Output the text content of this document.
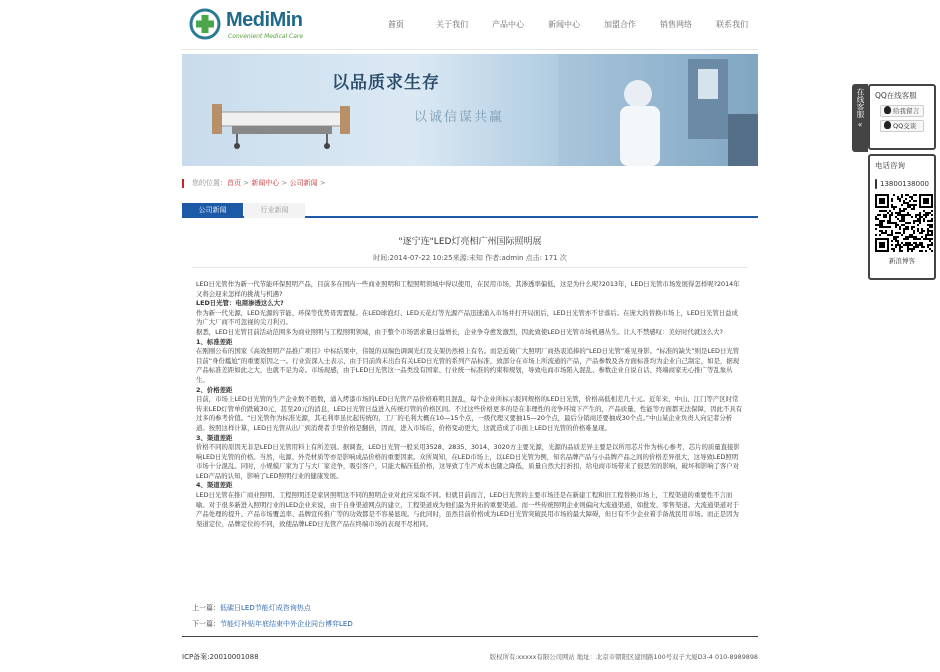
MediMin
Convenient Medical Care
首页	关于我们	产品中心	新闻中心	加盟合作	销售网络	联系我们
以品质求生存
以诚信谋共赢
您的位置： 首页 > 新闻中心 > 公司新闻 >
公司新闻	行业新闻
"逐宁连"LED灯亮相广州国际照明展
时间:2014-07-22 10:25来源:未知 作者:admin 点击: 171 次

LED日光管作为新一代节能环保照明产品，目前多在国内一些商业照明和工程照明领域中得以使用，在民用市场，其渗透率偏低，这是为什么呢?2013年，LED日光管市场发展得怎样呢?2014年又将会迎来怎样的挑战与机遇?

LED日光管：电商渗透这么大?

作为新一代光源，LED光源的节能、环保等优势毋需置疑。在LED球泡灯、LED天花灯等光源产品迅速涌入市场并打开局面后，LED日光管亦不甘落后。在庞大的替换市场上，LED日光管日益成为广大厂商不可忽视的尖刀利刃。

据悉，LED日光管目前活动范围多为商业照明与工程照明领域，由于整个市场需求量日益增长，企业争夺愈发激烈，因此致使LED日光管市场机遇丛生。让人不禁感叹：美好时代就这么大?

1、标准差距

在刚刚公布的国家《高效照明产品推广项目》中标结果中，伟锐的双端色调调光灯及支架仍然榜上有名。而是近破广大照明厂商热衷追捧的“LED日光管”难见身影。“标准的缺失”则是LED日光管目前“身份尴尬”的重要原因之一。行业资深人士表示，由于目前尚未出台有关LED日光管的系列产品标准，致部分在市场上所流通的产品，产品参数及各方面标准均为企业自己制定，如是，据现产品标准差距如此之大，也就不足为奇。市场现感，由于LED日光管这一品类没有国家、行业统一标准的约束和规划，导致电商市场陷入混乱、参数企业自说自话、终端商家无心推广等乱象丛生。

2、价格差距

目前，市场上LED日光管的生产企业数不胜数，涌入烤漆市场的LED日光管产品价格难明且混乱，每个企业所标示报同规格的LED日光管，价格高低相差几十元。近年来，中山、江门等产区时常传来LED灯管单价跌破30元，甚至20元的消息，LED日光管日益进入传统灯管的价格区间。不过这些价格更多的是在非理性的竞争环境下产生的，产品质量、性能等方面都无法保障，因此不具有过多的参考价值。“日光管作为标准光源，其毛利率虽比起传统的，工厂的毛利大概在10—15个点，一级代理又要抽15—20个点，最后分销商还要抽成30个点。”中山某企业负责人向记者分析道。按照这样计算，LED日光管从出厂到消费者手里价格是翻倍，因而，进入市场后，价格变动更大，这就造成了市面上LED日光管的价格难显现。

3、渠道差距

价格不同的原因无非是LED日光管用料上有所差别。据调查，LED日光管一般采用3528、2835、3014、3020方主要光源，光源的品质差异主要是以所用芯片作为核心参考，芯片的质量直接影响LED日光管的价格。当然，电源、外壳材质等亦是影响成品价格的重要因素。众所周知，在LED市场上，以LED日光管为例，知名品牌产品与小品牌产品之间的价格差异很大，这导致LED照明市场十分混乱。同时，小规模厂家为了与大厂家竞争，吸引客户，只能大幅压低价格，这导致了生产成本也随之降低，质量自然大打折扣，给电商市场带来了很恶劣的影响，破坏和影响了客户对LED产品的认知，影响了LED照明行业的健康发展。

4、渠道差距

LED日光管在推广商业照明、工程照明还是家居照明这不同的照明企业对此应采取不同。但就目前而言，LED日光管的主要市场还是在新建工程和旧工程替换市场上，工程渠道的重要性不言而喻。对于很多新进入照明行业的LED企业来说，由于自身渠道网点的建立，工程渠道成为他们最为开拓的重要渠道。而一些传统照明企业则偏向大流通渠道，如批发、零售渠道。大流通渠道对于产品处理的提升、产品市场覆盖率、品牌宣传推广等的功效都是不容易显现。与此同时，虽然目前价格成为LED日光管突破民用市场的最大障碍，但日有不少企业着手备战民用市场。而正是因为渠道定位、品牌定位的不同，致使品牌LED日光管产品在终端市场的表现不尽相同。

上一篇：低碳日LED节能灯成咨询热点
下一篇：节能灯补贴年底结束中外企业同台博弈LED
ICP备案:20010001088	版权所有:xxxxx有限公司网站 地址：北京市朝阳区建国路100号双子大厦D3-4 010-8989898
在线客服
«
QQ在线客服
给我留言
QQ交谈
电话咨询
13800138000
新浪博客
